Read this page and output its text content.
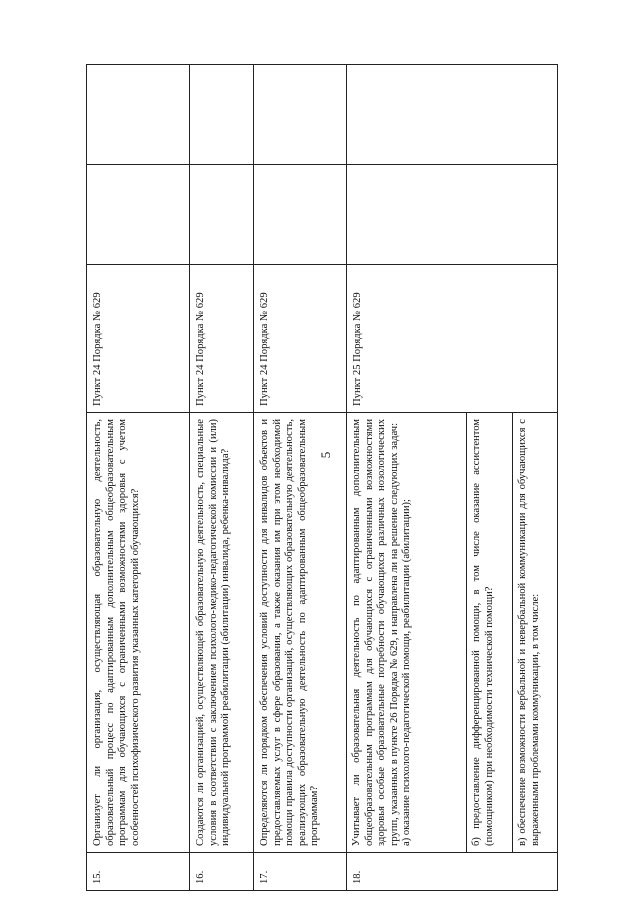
5
15.	Организует ли организация, осуществляющая образовательную деятельность, образовательный процесс по адаптированным дополнительным общеобразовательным программам для обучающихся с ограниченными возможностями здоровья с учетом особенностей психофизического развития указанных категорий обучающихся?	Пункт 24 Порядка № 629		
16.	Создаются ли организацией, осуществляющей образовательную деятельность, специальные условия в соответствии с заключением психолого-медико-педагогической комиссии и (или) индивидуальной программой реабилитации (абилитации) инвалида, ребенка-инвалида?	Пункт 24 Порядка № 629		
17.	Определяются ли порядком обеспечения условий доступности для инвалидов объектов и предоставляемых услуг в сфере образования, а также оказания им при этом необходимой помощи правила доступности организаций, осуществляющих образовательную деятельность, реализующих образовательную деятельность по адаптированным общеобразовательным программам?	Пункт 24 Порядка № 629		
18.	Учитывает ли образовательная деятельность по адаптированным дополнительным общеобразовательным программам для обучающихся с ограниченными возможностями здоровья особые образовательные потребности обучающихся различных нозологических групп, указанных в пункте 26 Порядка № 629, и направлена ли на решение следующих задач: а) оказание психолого-педагогической помощи, реабилитации (абилитации); б) предоставление дифференцированной помощи, в том числе оказание ассистентом (помощником) при необходимости технической помощи? в) обеспечение возможности вербальной и невербальной коммуникации для обучающихся с выраженными проблемами коммуникации, в том числе:	Пункт 25 Порядка № 629		
